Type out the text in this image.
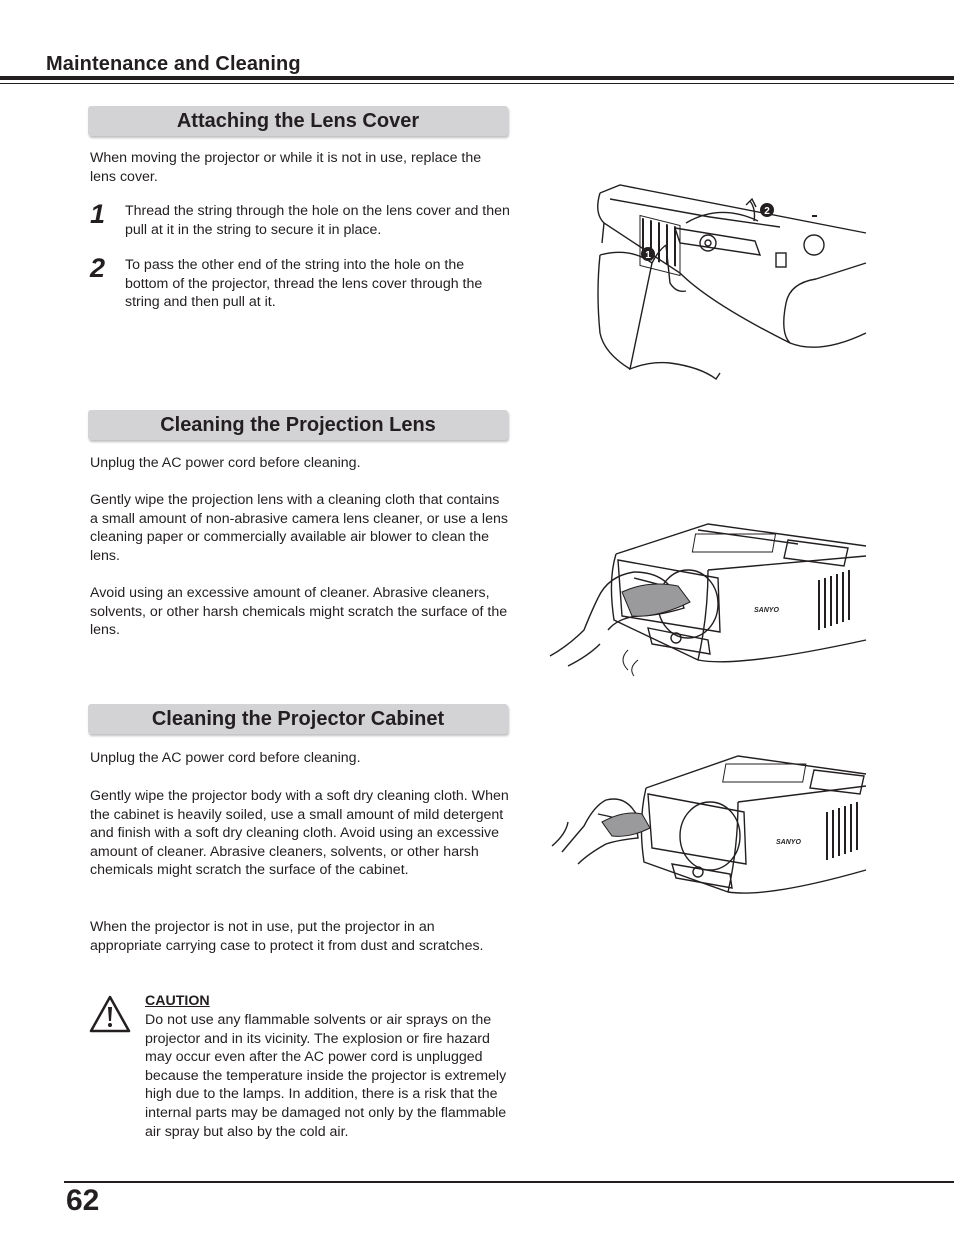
Maintenance and Cleaning
Attaching the Lens Cover
When moving the projector or while it is not in use, replace the lens cover.
1 Thread the string through the hole on the lens cover and then pull at it in the string to secure it in place.
2 To pass the other end of the string into the hole on the bottom of the projector, thread the lens cover through the string and then pull at it.
1
2
Cleaning the Projection Lens
Unplug the AC power cord before cleaning.
Gently wipe the projection lens with a cleaning cloth that contains a small amount of non-abrasive camera lens cleaner, or use a lens cleaning paper or commercially available air blower to clean the lens.
Avoid using an excessive amount of cleaner. Abrasive cleaners, solvents, or other harsh chemicals might scratch the surface of the lens.
SANYO
Cleaning the Projector Cabinet
Unplug the AC power cord before cleaning.
Gently wipe the projector body with a soft dry cleaning cloth. When the cabinet is heavily soiled, use a small amount of mild detergent and finish with a soft dry cleaning cloth. Avoid using an excessive amount of cleaner. Abrasive cleaners, solvents, or other harsh chemicals might scratch the surface of the cabinet.
When the projector is not in use, put the projector in an appropriate carrying case to protect it from dust and scratches.
SANYO
CAUTION
Do not use any flammable solvents or air sprays on the projector and in its vicinity. The explosion or fire hazard may occur even after the AC power cord is unplugged because the temperature inside the projector is extremely high due to the lamps. In addition, there is a risk that the internal parts may be damaged not only by the flammable air spray but also by the cold air.
62
